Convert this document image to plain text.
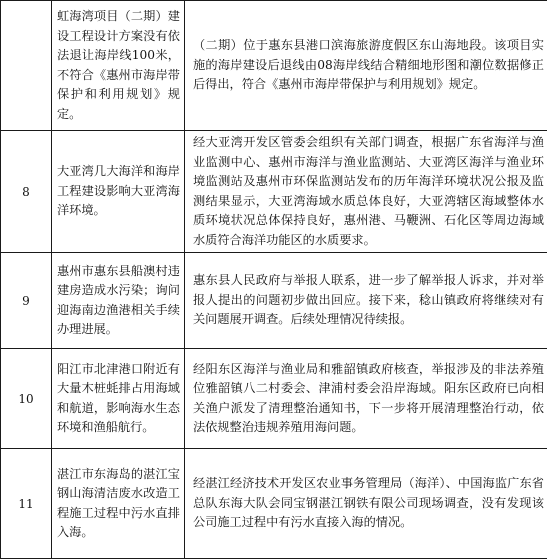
	虹海湾项目（二期）建设工程设计方案没有依法退让海岸线100米，不符合《惠州市海岸带保护和利用规划》规定。	（二期）位于惠东县港口滨海旅游度假区东山海地段。该项目实施的海岸建设后退线由08海岸线结合精细地形图和潮位数据修正后得出，符合《惠州市海岸带保护与利用规划》规定。

8	大亚湾几大海洋和海岸工程建设影响大亚湾海洋环境。	经大亚湾开发区管委会组织有关部门调查，根据广东省海洋与渔业监测中心、惠州市海洋与渔业监测站、大亚湾区海洋与渔业环境监测站及惠州市环保监测站发布的历年海洋环境状况公报及监测结果显示，大亚湾海域水质总体良好，大亚湾辖区海域整体水质环境状况总体保持良好，惠州港、马鞭洲、石化区等周边海域水质符合海洋功能区的水质要求。

9	惠州市惠东县船澳村违建房造成水污染；询问迎海南边渔港相关手续办理进展。	惠东县人民政府与举报人联系，进一步了解举报人诉求，并对举报人提出的问题初步做出回应。接下来，稔山镇政府将继续对有关问题展开调查。后续处理情况待续报。

10	阳江市北津港口附近有大量木桩蚝排占用海域和航道，影响海水生态环境和渔船航行。	经阳东区海洋与渔业局和雅韶镇政府核查，举报涉及的非法养殖位雅韶镇八二村委会、津浦村委会沿岸海域。阳东区政府已向相关渔户派发了清理整治通知书，下一步将开展清理整治行动，依法依规整治违规养殖用海问题。

11	湛江市东海岛的湛江宝钢山海清洁废水改造工程施工过程中污水直排入海。	经湛江经济技术开发区农业事务管理局（海洋）、中国海监广东省总队东海大队会同宝钢湛江钢铁有限公司现场调查，没有发现该公司施工过程中有污水直接入海的情况。
